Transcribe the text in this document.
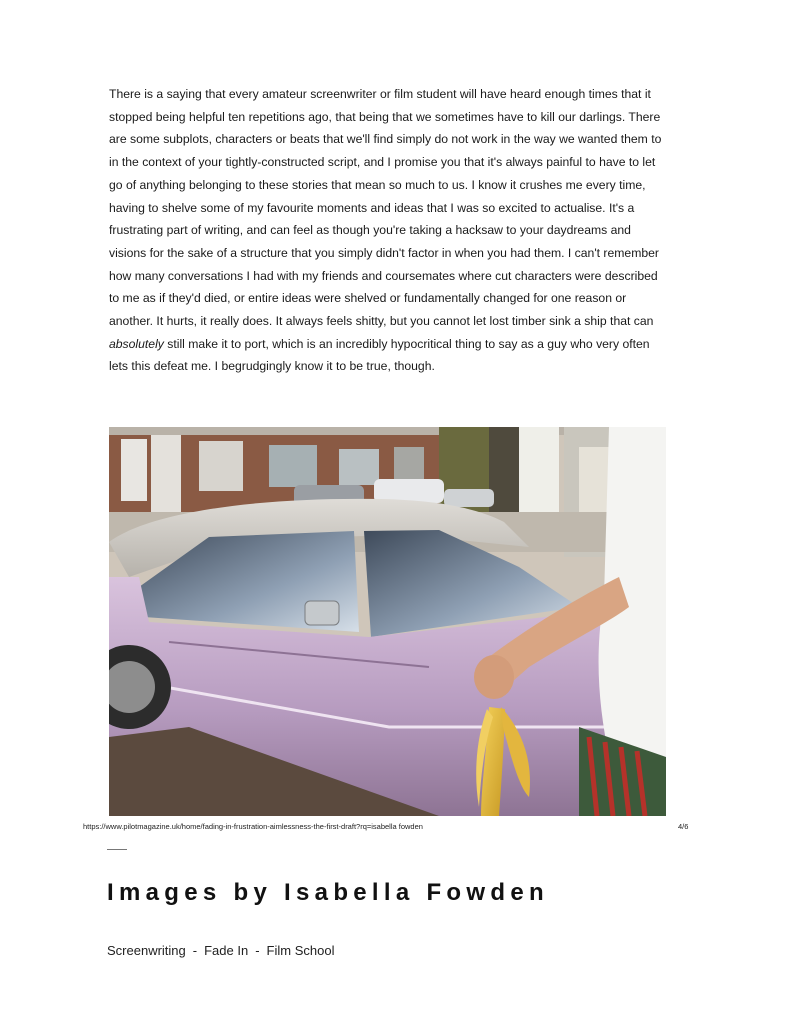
There is a saying that every amateur screenwriter or film student will have heard enough times that it stopped being helpful ten repetitions ago, that being that we sometimes have to kill our darlings. There are some subplots, characters or beats that we'll find simply do not work in the way we wanted them to in the context of your tightly-constructed script, and I promise you that it's always painful to have to let go of anything belonging to these stories that mean so much to us. I know it crushes me every time, having to shelve some of my favourite moments and ideas that I was so excited to actualise. It's a frustrating part of writing, and can feel as though you're taking a hacksaw to your daydreams and visions for the sake of a structure that you simply didn't factor in when you had them. I can't remember how many conversations I had with my friends and coursemates where cut characters were described to me as if they'd died, or entire ideas were shelved or fundamentally changed for one reason or another. It hurts, it really does. It always feels shitty, but you cannot let lost timber sink a ship that can absolutely still make it to port, which is an incredibly hypocritical thing to say as a guy who very often lets this defeat me. I begrudgingly know it to be true, though.

https://www.pilotmagazine.uk/home/fading-in-frustration-aimlessness-the-first-draft?rq=isabella fowden	4/6
Images by Isabella Fowden
Screenwriting - Fade In - Film School
